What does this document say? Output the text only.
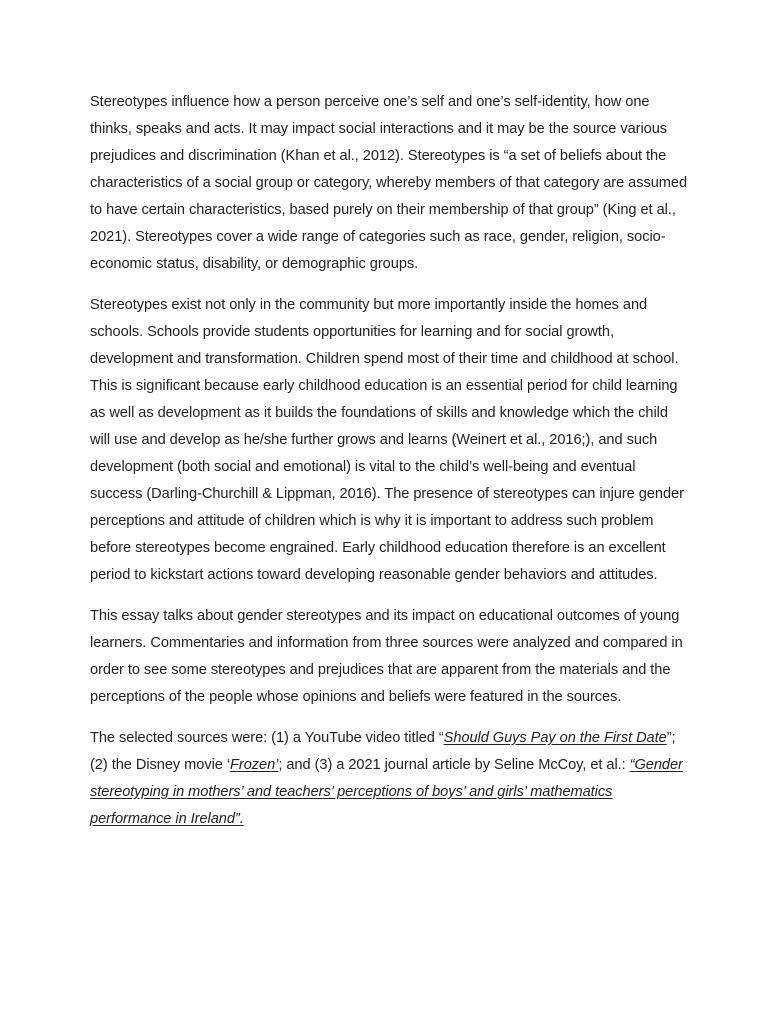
Stereotypes influence how a person perceive one’s self and one’s self-identity, how one thinks, speaks and acts. It may impact social interactions and it may be the source various prejudices and discrimination (Khan et al., 2012). Stereotypes is “a set of beliefs about the characteristics of a social group or category, whereby members of that category are assumed to have certain characteristics, based purely on their membership of that group” (King et al., 2021). Stereotypes cover a wide range of categories such as race, gender, religion, socio-economic status, disability, or demographic groups.

Stereotypes exist not only in the community but more importantly inside the homes and schools. Schools provide students opportunities for learning and for social growth, development and transformation. Children spend most of their time and childhood at school. This is significant because early childhood education is an essential period for child learning as well as development as it builds the foundations of skills and knowledge which the child will use and develop as he/she further grows and learns (Weinert et al., 2016;), and such development (both social and emotional) is vital to the child’s well-being and eventual success (Darling-Churchill & Lippman, 2016). The presence of stereotypes can injure gender perceptions and attitude of children which is why it is important to address such problem before stereotypes become engrained. Early childhood education therefore is an excellent period to kickstart actions toward developing reasonable gender behaviors and attitudes.

This essay talks about gender stereotypes and its impact on educational outcomes of young learners. Commentaries and information from three sources were analyzed and compared in order to see some stereotypes and prejudices that are apparent from the materials and the perceptions of the people whose opinions and beliefs were featured in the sources.

The selected sources were: (1) a YouTube video titled “Should Guys Pay on the First Date”; (2) the Disney movie ‘Frozen’; and (3) a 2021 journal article by Seline McCoy, et al.: “Gender stereotyping in mothers’ and teachers’ perceptions of boys’ and girls’ mathematics performance in Ireland”.
